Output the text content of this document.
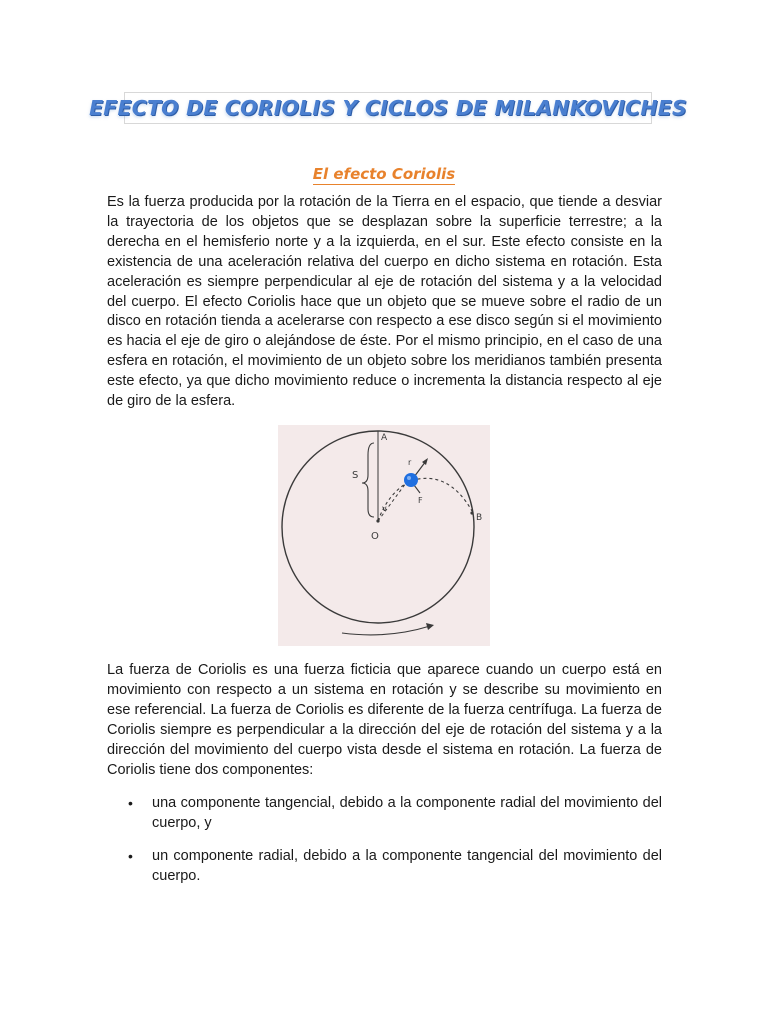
EFECTO DE CORIOLIS Y CICLOS DE MILANKOVICHES
El efecto Coriolis

Es la fuerza producida por la rotación de la Tierra en el espacio, que tiende a desviar la trayectoria de los objetos que se desplazan sobre la superficie terrestre; a la derecha en el hemisferio norte y a la izquierda, en el sur. Este efecto consiste en la existencia de una aceleración relativa del cuerpo en dicho sistema en rotación. Esta aceleración es siempre perpendicular al eje de rotación del sistema y a la velocidad del cuerpo. El efecto Coriolis hace que un objeto que se mueve sobre el radio de un disco en rotación tienda a acelerarse con respecto a ese disco según si el movimiento es hacia el eje de giro o alejándose de éste. Por el mismo principio, en el caso de una esfera en rotación, el movimiento de un objeto sobre los meridianos también presenta este efecto, ya que dicho movimiento reduce o incrementa la distancia respecto al eje de giro de la esfera.

A
B
O
S
r
v
F

La fuerza de Coriolis es una fuerza ficticia que aparece cuando un cuerpo está en movimiento con respecto a un sistema en rotación y se describe su movimiento en ese referencial. La fuerza de Coriolis es diferente de la fuerza centrífuga. La fuerza de Coriolis siempre es perpendicular a la dirección del eje de rotación del sistema y a la dirección del movimiento del cuerpo vista desde el sistema en rotación. La fuerza de Coriolis tiene dos componentes:

• una componente tangencial, debido a la componente radial del movimiento del cuerpo, y
• un componente radial, debido a la componente tangencial del movimiento del cuerpo.
